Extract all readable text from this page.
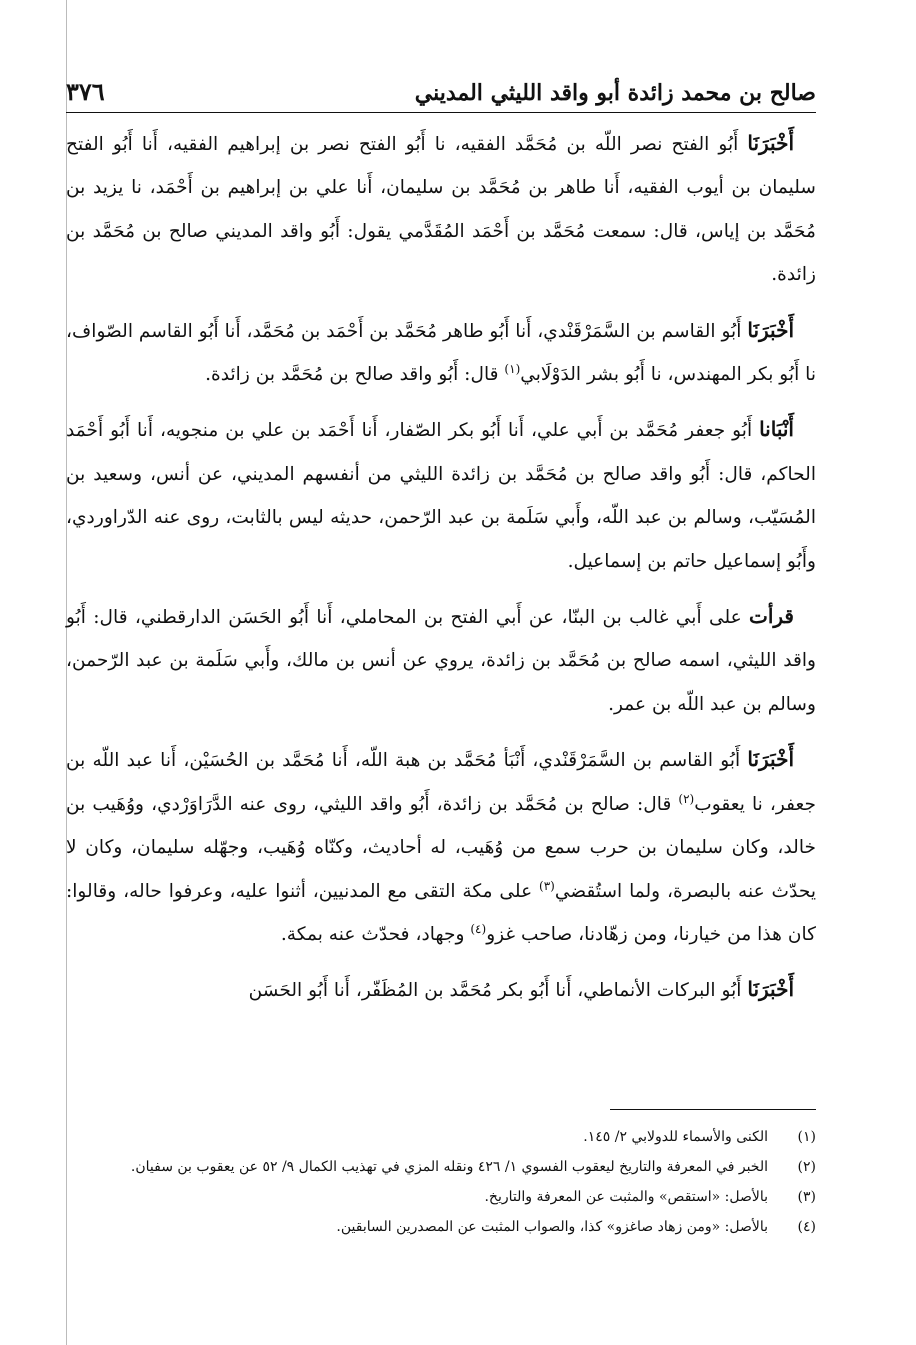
صالح بن محمد زائدة أبو واقد الليثي المديني
٣٧٦

أَخْبَرَنَا أَبُو الفتح نصر اللّه بن مُحَمَّد الفقيه، نا أَبُو الفتح نصر بن إبراهيم الفقيه، أَنا أَبُو الفتح سليمان بن أيوب الفقيه، أَنا طاهر بن مُحَمَّد بن سليمان، أَنا علي بن إبراهيم بن أَحْمَد، نا يزيد بن مُحَمَّد بن إياس، قال: سمعت مُحَمَّد بن أَحْمَد المُقَدَّمي يقول: أَبُو واقد المديني صالح بن مُحَمَّد بن زائدة.

أَخْبَرَنَا أَبُو القاسم بن السَّمَرْقَنْدي، أَنا أَبُو طاهر مُحَمَّد بن أَحْمَد بن مُحَمَّد، أَنا أَبُو القاسم الصّواف، نا أَبُو بكر المهندس، نا أَبُو بشر الدَوْلَابي$^{(١)}$ قال: أَبُو واقد صالح بن مُحَمَّد بن زائدة.

أَنْبَانا أَبُو جعفر مُحَمَّد بن أَبي علي، أَنا أَبُو بكر الصّفار، أَنا أَحْمَد بن علي بن منجويه، أَنا أَبُو أَحْمَد الحاكم، قال: أَبُو واقد صالح بن مُحَمَّد بن زائدة الليثي من أنفسهم المديني، عن أنس، وسعيد بن المُسَيّب، وسالم بن عبد اللّه، وأَبي سَلَمة بن عبد الرّحمن، حديثه ليس بالثابت، روى عنه الدّراوردي، وأَبُو إسماعيل حاتم بن إسماعيل.

قرأت على أَبي غالب بن البنّا، عن أَبي الفتح بن المحاملي، أَنا أَبُو الحَسَن الدارقطني، قال: أَبُو واقد الليثي، اسمه صالح بن مُحَمَّد بن زائدة، يروي عن أنس بن مالك، وأَبي سَلَمة بن عبد الرّحمن، وسالم بن عبد اللّه بن عمر.

أَخْبَرَنَا أَبُو القاسم بن السَّمَرْقَنْدي، أَنْبَأ مُحَمَّد بن هبة اللّه، أَنا مُحَمَّد بن الحُسَيْن، أَنا عبد اللّه بن جعفر، نا يعقوب$^{(٢)}$ قال: صالح بن مُحَمَّد بن زائدة، أَبُو واقد الليثي، روى عنه الدَّرَاوَرْدي، ووُهَيب بن خالد، وكان سليمان بن حرب سمع من وُهَيب، له أحاديث، وكنّاه وُهَيب، وجهّله سليمان، وكان لا يحدّث عنه بالبصرة، ولما استُقضي$^{(٣)}$ على مكة التقى مع المدنيين، أثنوا عليه، وعرفوا حاله، وقالوا: كان هذا من خيارنا، ومن زهّادنا، صاحب غزو$^{(٤)}$ وجهاد، فحدّث عنه بمكة.

أَخْبَرَنَا أَبُو البركات الأنماطي، أَنا أَبُو بكر مُحَمَّد بن المُظَفّر، أَنا أَبُو الحَسَن

(١)
الكنى والأسماء للدولابي ٢/ ١٤٥.
(٢)
الخبر في المعرفة والتاريخ ليعقوب الفسوي ١/ ٤٢٦ ونقله المزي في تهذيب الكمال ٩/ ٥٢ عن يعقوب بن سفيان.
(٣)
بالأصل: «استقص» والمثبت عن المعرفة والتاريخ.
(٤)
بالأصل: «ومن زهاد صاغزو» كذا، والصواب المثبت عن المصدرين السابقين.
